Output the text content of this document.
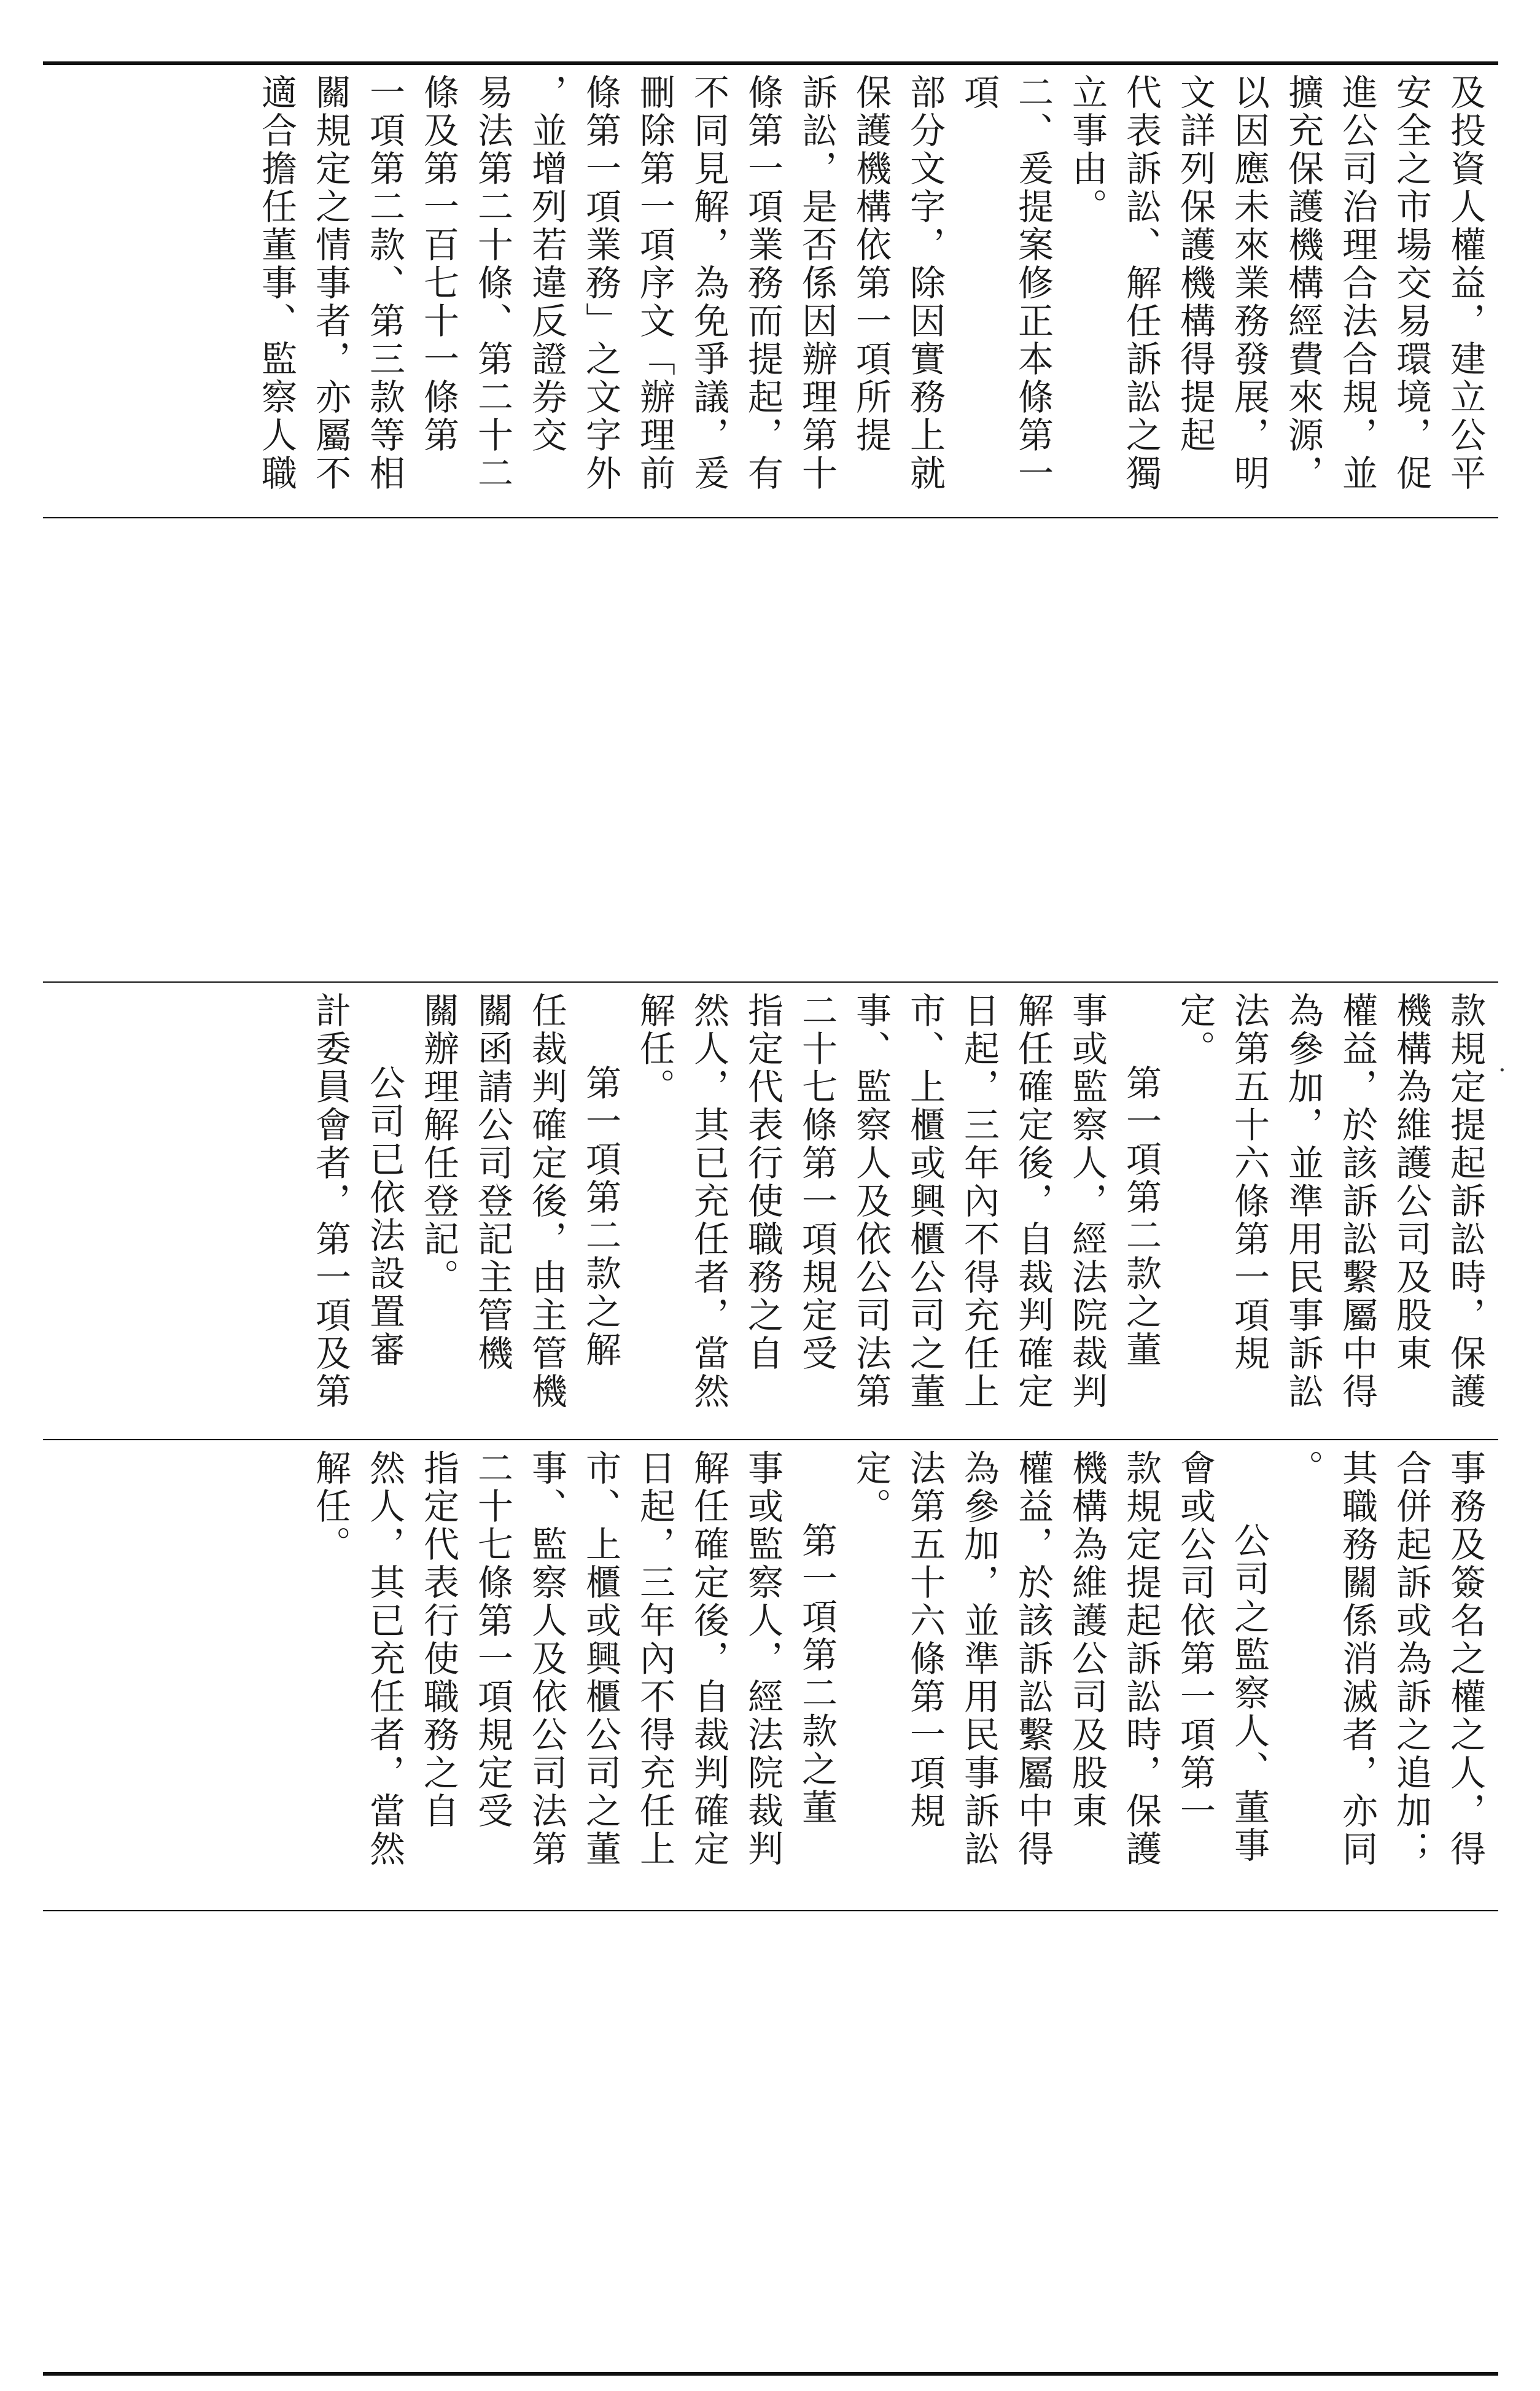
及投資人權益，建立公平
安全之市場交易環境，促
進公司治理合法合規，並
擴充保護機構經費來源，
以因應未來業務發展，明
文詳列保護機構得提起
代表訴訟、解任訴訟之獨
立事由。
二、爰提案修正本條第一項
部分文字，除因實務上就
保護機構依第一項所提
訴訟，是否係因辦理第十
條第一項業務而提起，有
不同見解，為免爭議，爰
刪除第一項序文「辦理前
條第一項業務」之文字外
，並增列若違反證券交
易法第二十條、第二十二
條及第一百七十一條第
一項第二款、第三款等相
關規定之情事者，亦屬不
適合擔任董事、監察人職
款規定提起訴訟時，保護
機構為維護公司及股東
權益，於該訴訟繫屬中得
為參加，並準用民事訴訟
法第五十六條第一項規
定。
第一項第二款之董
事或監察人，經法院裁判
解任確定後，自裁判確定
日起，三年內不得充任上
市、上櫃或興櫃公司之董
事、監察人及依公司法第
二十七條第一項規定受
指定代表行使職務之自
然人，其已充任者，當然
解任。
第一項第二款之解
任裁判確定後，由主管機
關函請公司登記主管機
關辦理解任登記。
公司已依法設置審
計委員會者，第一項及第
事務及簽名之權之人，得
合併起訴或為訴之追加；
其職務關係消滅者，亦同
。
公司之監察人、董事
會或公司依第一項第一
款規定提起訴訟時，保護
機構為維護公司及股東
權益，於該訴訟繫屬中得
為參加，並準用民事訴訟
法第五十六條第一項規
定。
第一項第二款之董
事或監察人，經法院裁判
解任確定後，自裁判確定
日起，三年內不得充任上
市、上櫃或興櫃公司之董
事、監察人及依公司法第
二十七條第一項規定受
指定代表行使職務之自
然人，其已充任者，當然
解任。
·
